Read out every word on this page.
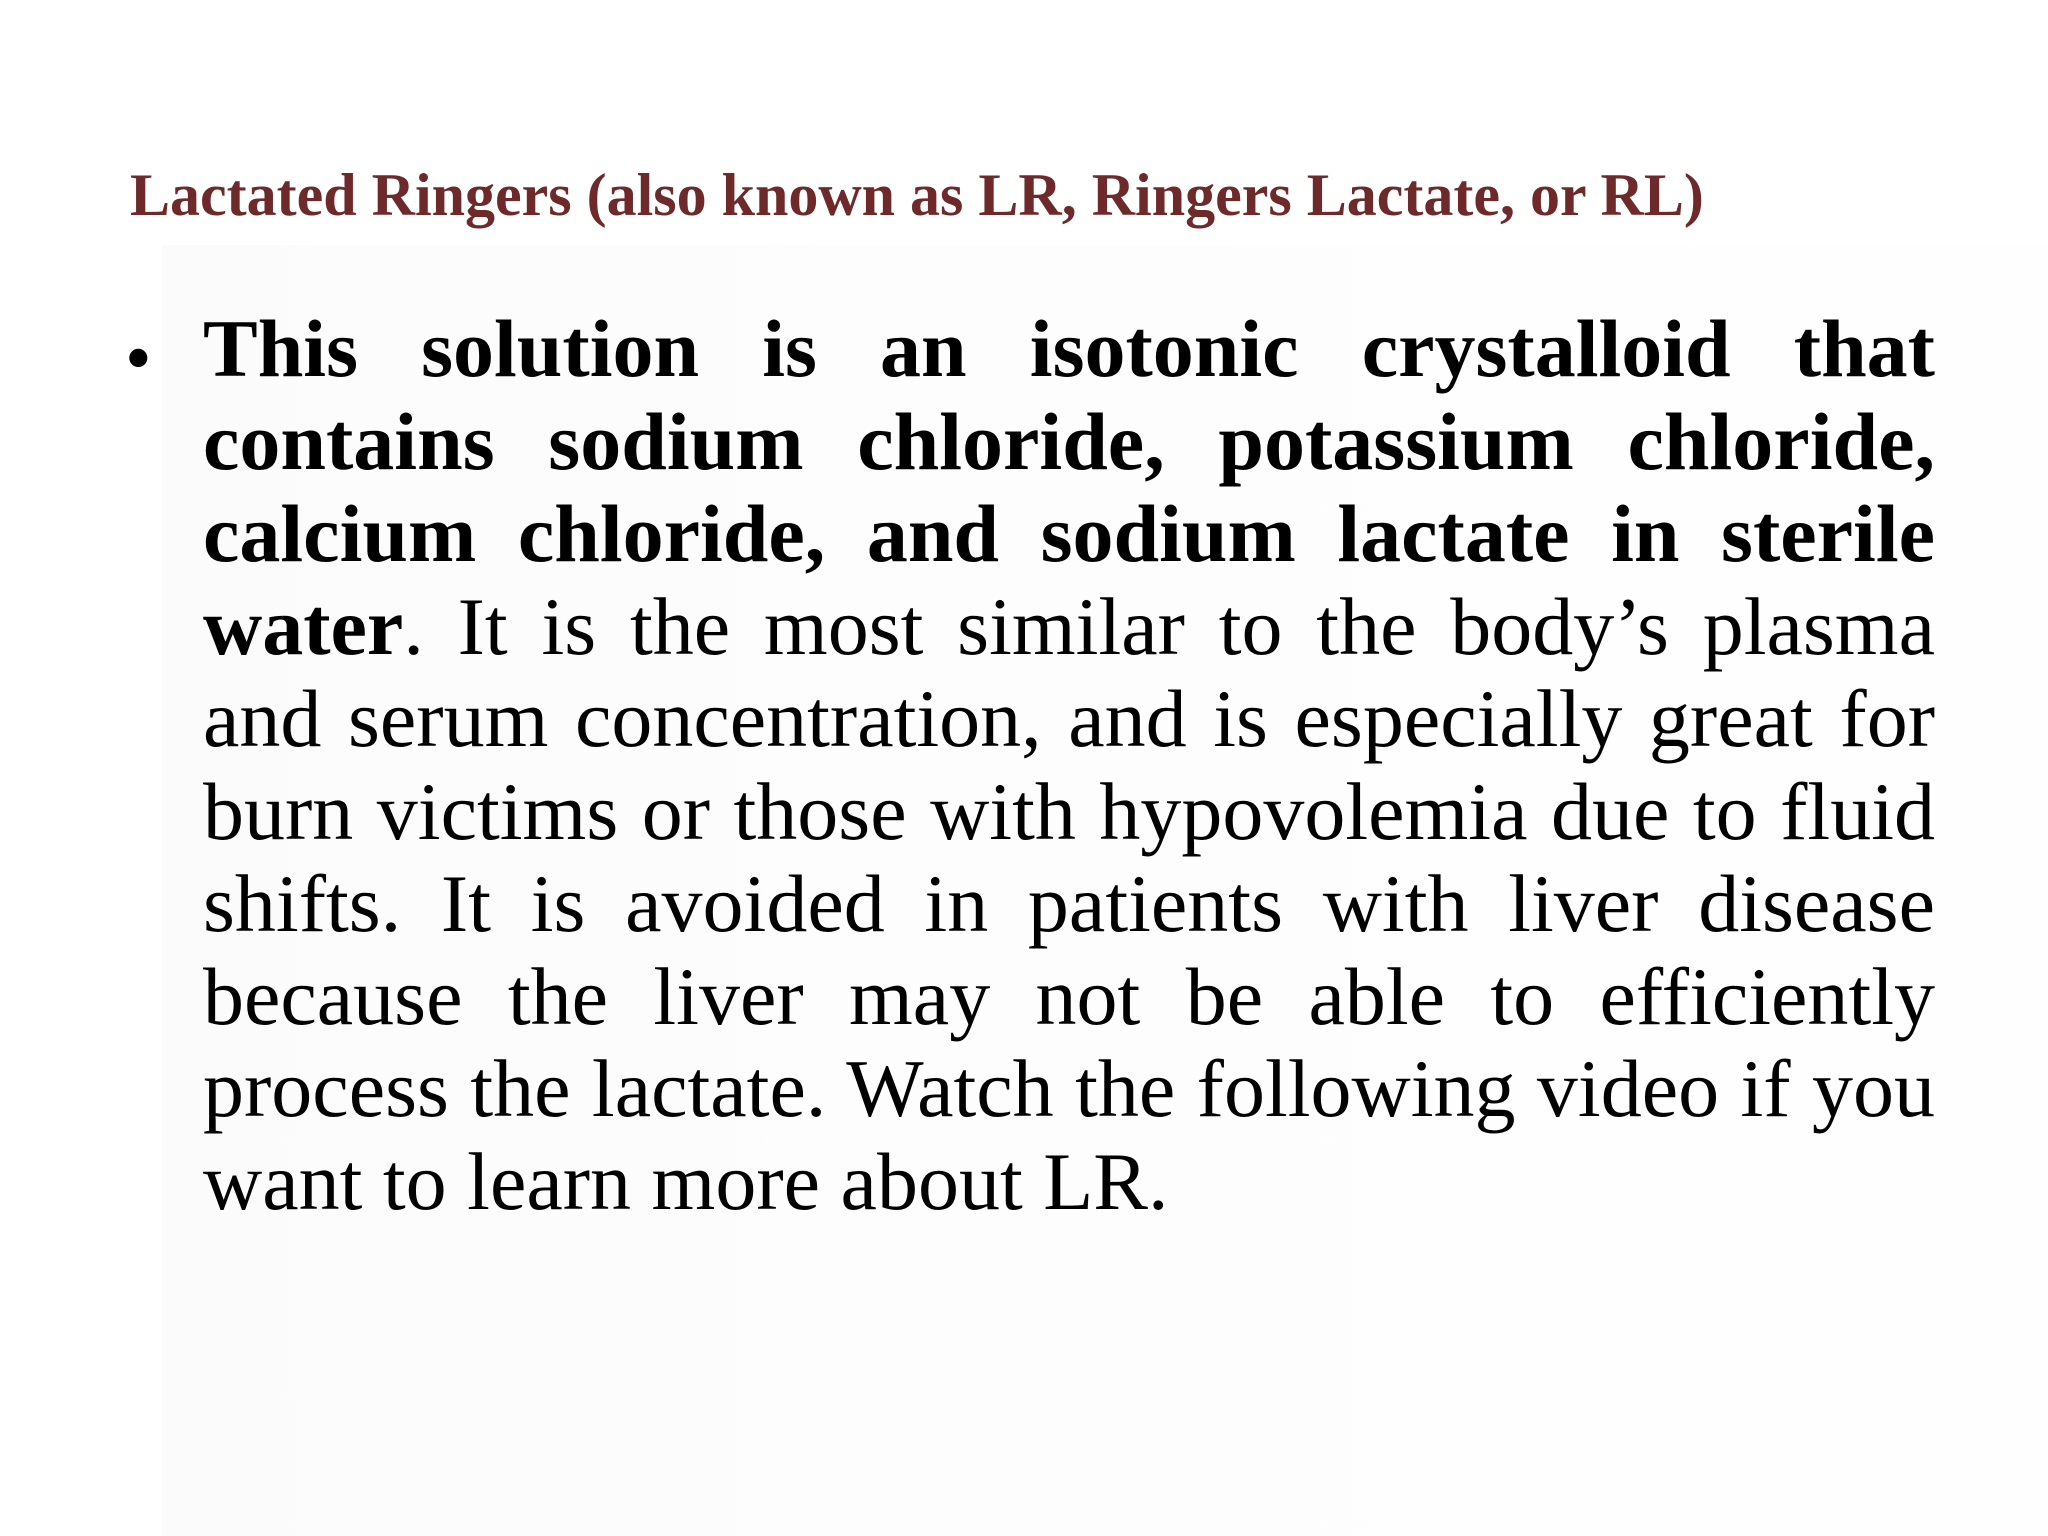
Lactated Ringers (also known as LR, Ringers Lactate, or RL)
• This solution is an isotonic crystalloid that contains sodium chloride, potassium chloride, calcium chloride, and sodium lactate in sterile water. It is the most similar to the body’s plasma and serum concentration, and is especially great for burn victims or those with hypovolemia due to fluid shifts. It is avoided in patients with liver disease because the liver may not be able to efficiently process the lactate. Watch the following video if you want to learn more about LR.
